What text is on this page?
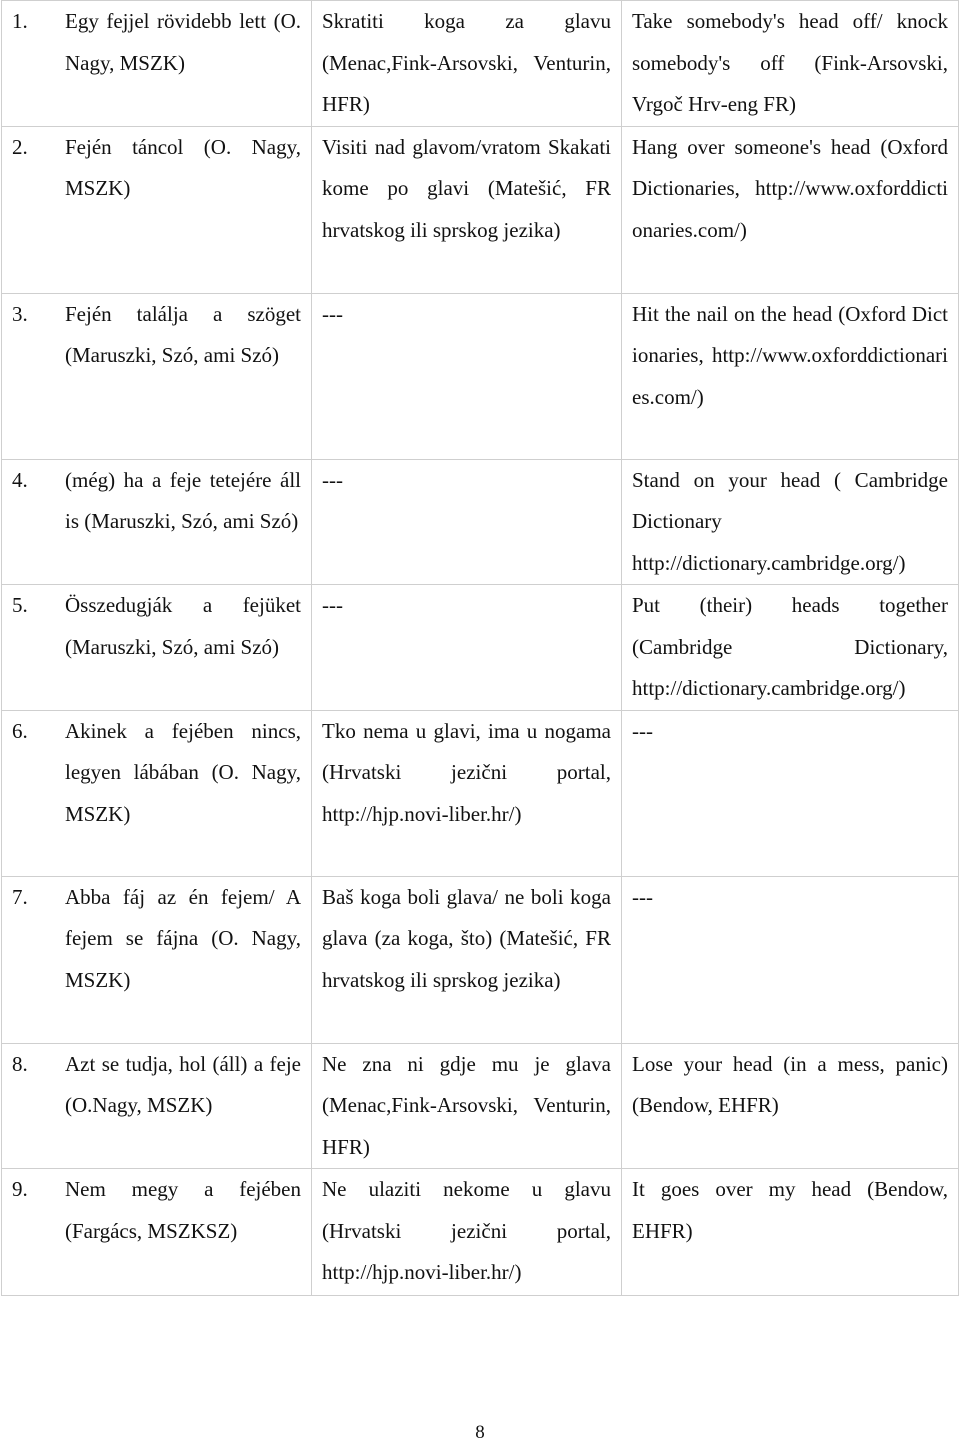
1. Egy fejjel rövidebb lett (O. Nagy, MSZK)	Skratiti koga za glavu (Menac,Fink-Arsovski, Venturin, HFR)	Take somebody's head off/ knock somebody's off (Fink-Arsovski, Vrgoč Hrv-eng FR)

2. Fején táncol (O. Nagy, MSZK)	Visiti nad glavom/vratom Skakati kome po glavi (Matešić, FR hrvatskog ili sprskog jezika)	Hang over someone's head (Oxford Dictionaries, http://www.oxforddictionaries.com/)

3. Fején találja a szöget (Maruszki, Szó, ami Szó)	---	Hit the nail on the head (Oxford Dictionaries, http://www.oxforddictionaries.com/)

4. (még) ha a feje tetejére áll is (Maruszki, Szó, ami Szó)	---	Stand on your head ( Cambridge Dictionary http://dictionary.cambridge.org/)

5. Összedugják a fejüket (Maruszki, Szó, ami Szó)	---	Put (their) heads together (Cambridge Dictionary, http://dictionary.cambridge.org/)

6. Akinek a fejében nincs, legyen lábában (O. Nagy, MSZK)	Tko nema u glavi, ima u nogama (Hrvatski jezični portal, http://hjp.novi-liber.hr/)	---

7. Abba fáj az én fejem/ A fejem se fájna (O. Nagy, MSZK)	Baš koga boli glava/ ne boli koga glava (za koga, što) (Matešić, FR hrvatskog ili sprskog jezika)	---

8. Azt se tudja, hol (áll) a feje (O.Nagy, MSZK)	Ne zna ni gdje mu je glava (Menac,Fink-Arsovski, Venturin, HFR)	Lose your head (in a mess, panic) (Bendow, EHFR)

9. Nem megy a fejében (Fargács, MSZKSZ)	Ne ulaziti nekome u glavu (Hrvatski jezični portal, http://hjp.novi-liber.hr/)	It goes over my head (Bendow, EHFR)
8
